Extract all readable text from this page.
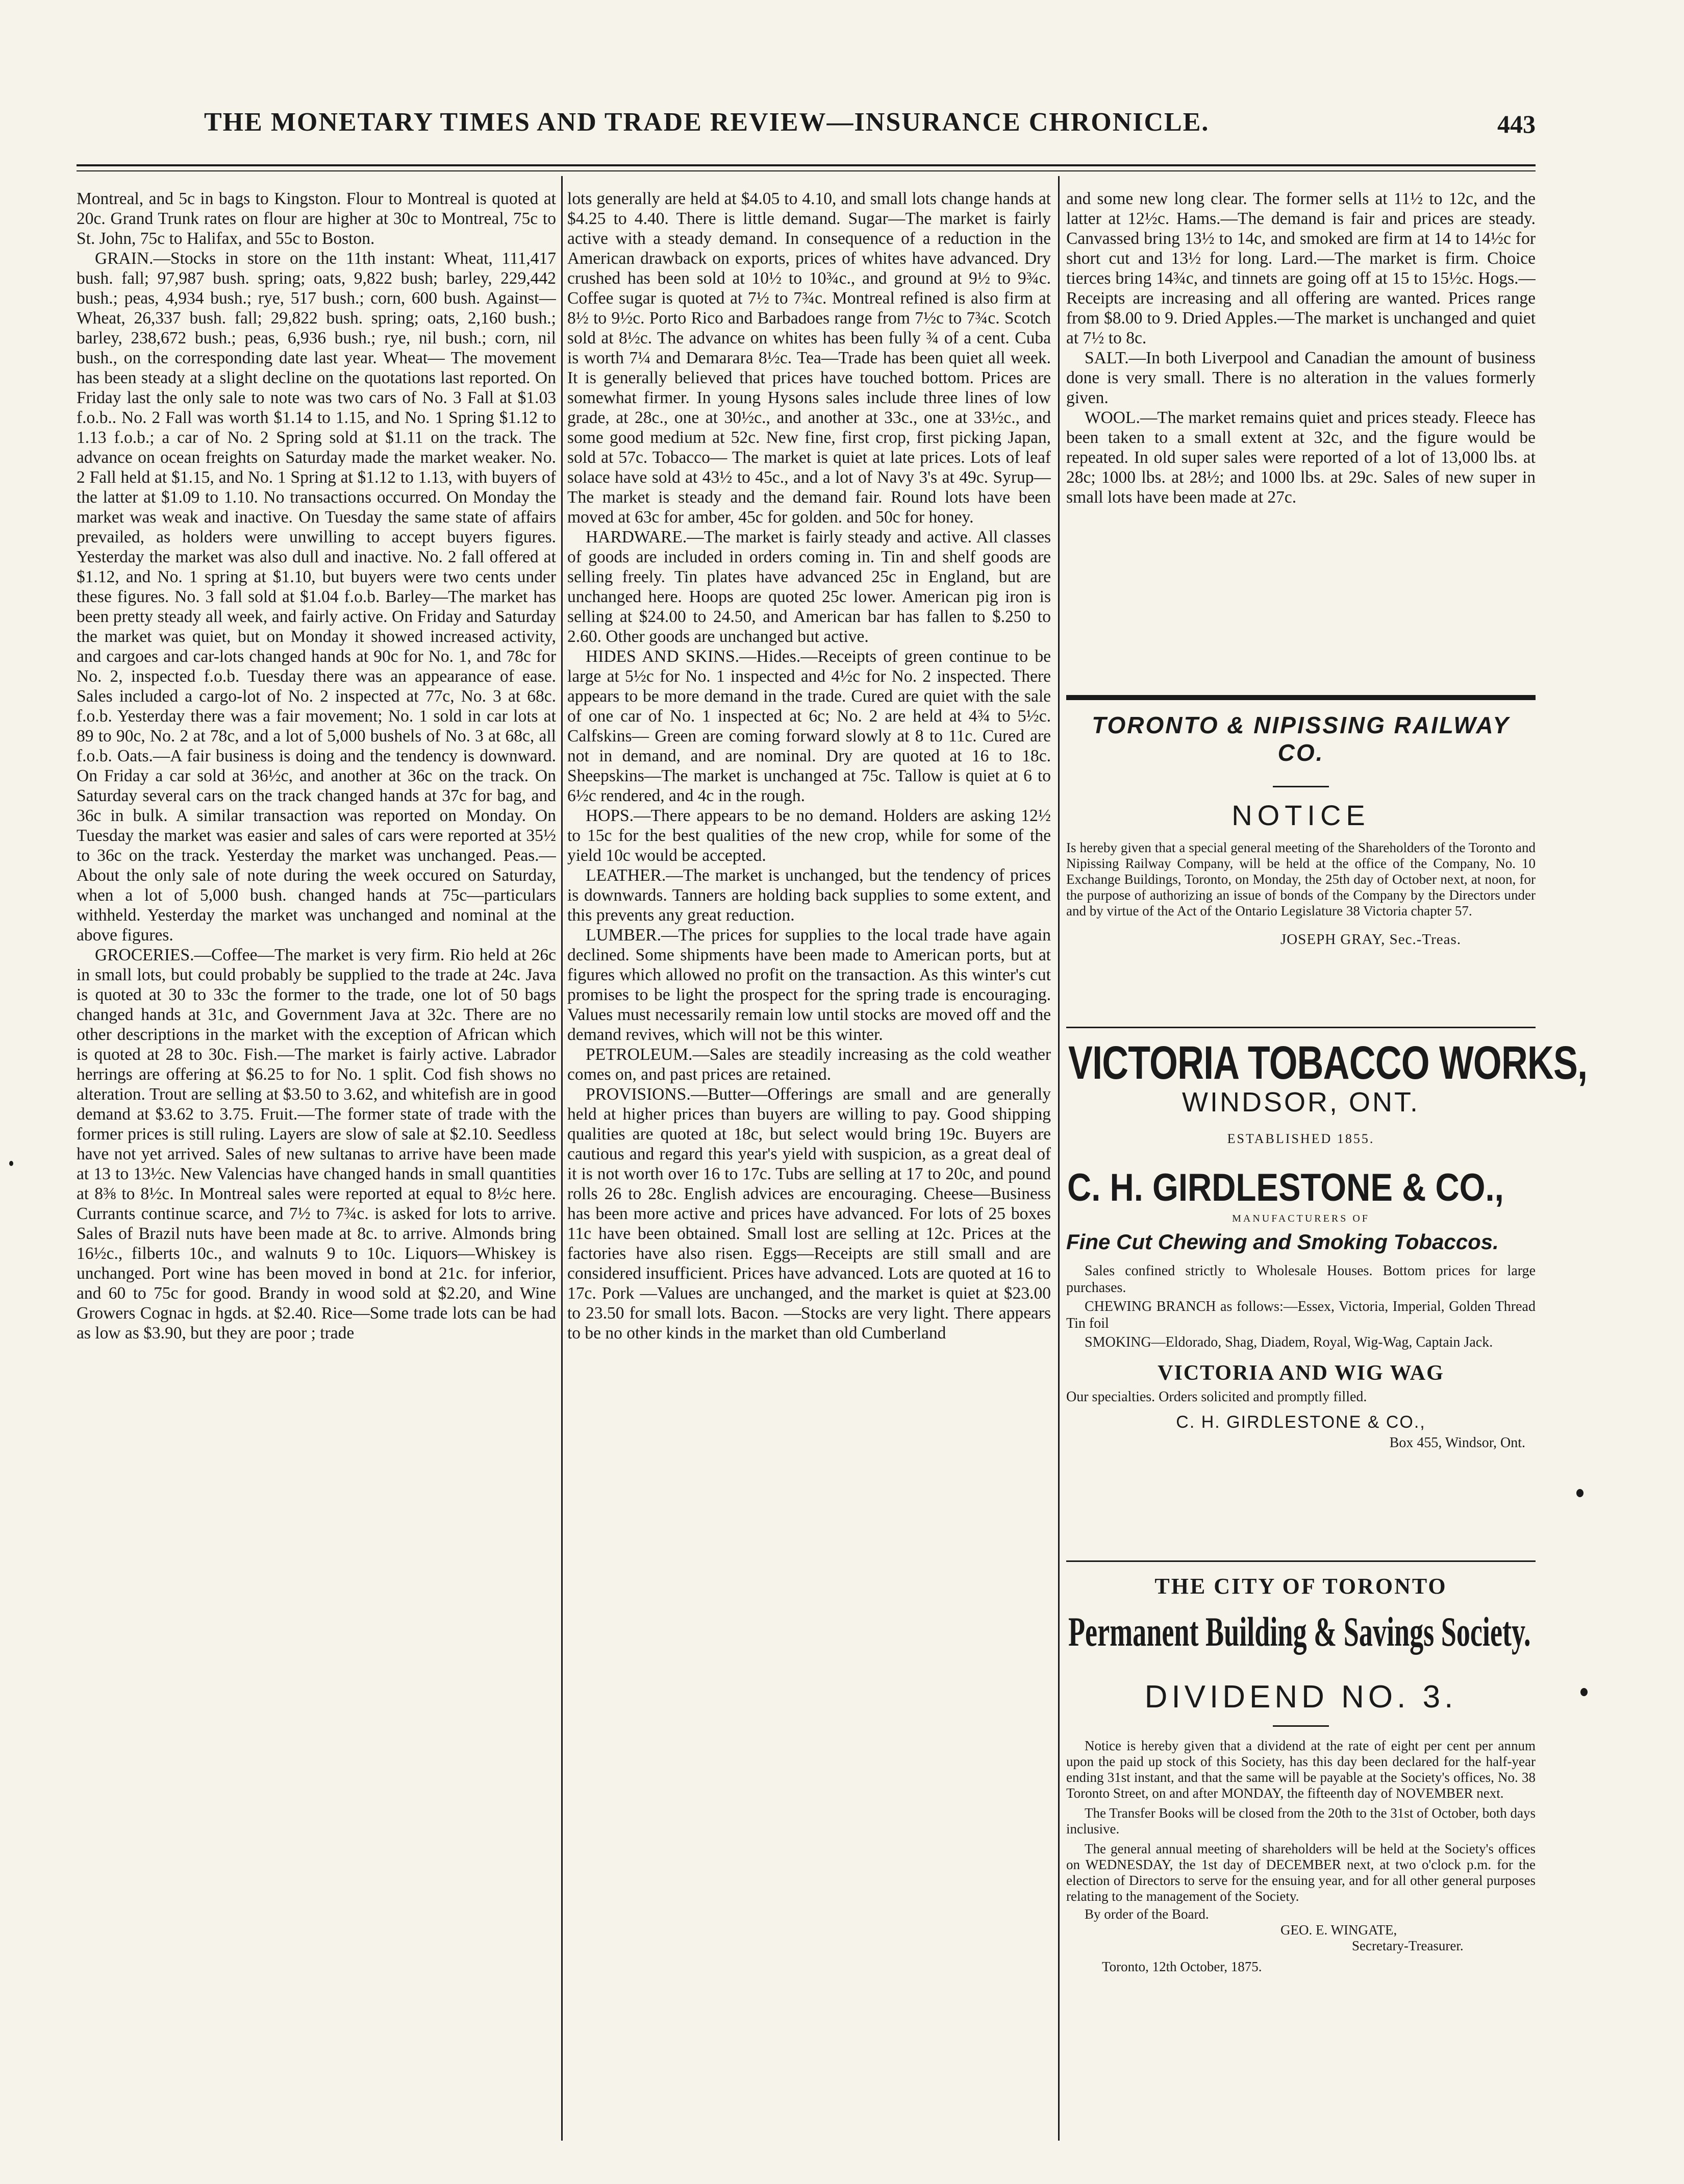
THE MONETARY TIMES AND TRADE REVIEW—INSURANCE CHRONICLE.	443

Montreal, and 5c in bags to Kingston. Flour to Montreal is quoted at 20c. Grand Trunk rates on flour are higher at 30c to Montreal, 75c to St. John, 75c to Halifax, and 55c to Boston.

GRAIN.—Stocks in store on the 11th instant: Wheat, 111,417 bush. fall; 97,987 bush. spring; oats, 9,822 bush; barley, 229,442 bush.; peas, 4,934 bush.; rye, 517 bush.; corn, 600 bush. Against—Wheat, 26,337 bush. fall; 29,822 bush. spring; oats, 2,160 bush.; barley, 238,672 bush.; peas, 6,936 bush.; rye, nil bush.; corn, nil bush., on the corresponding date last year. Wheat— The movement has been steady at a slight decline on the quotations last reported. On Friday last the only sale to note was two cars of No. 3 Fall at $1.03 f.o.b.. No. 2 Fall was worth $1.14 to 1.15, and No. 1 Spring $1.12 to 1.13 f.o.b.; a car of No. 2 Spring sold at $1.11 on the track. The advance on ocean freights on Saturday made the market weaker. No. 2 Fall held at $1.15, and No. 1 Spring at $1.12 to 1.13, with buyers of the latter at $1.09 to 1.10. No transactions occurred. On Monday the market was weak and inactive. On Tuesday the same state of affairs prevailed, as holders were unwilling to accept buyers figures. Yesterday the market was also dull and inactive. No. 2 fall offered at $1.12, and No. 1 spring at $1.10, but buyers were two cents under these figures. No. 3 fall sold at $1.04 f.o.b. Barley—The market has been pretty steady all week, and fairly active. On Friday and Saturday the market was quiet, but on Monday it showed increased activity, and cargoes and car-lots changed hands at 90c for No. 1, and 78c for No. 2, inspected f.o.b. Tuesday there was an appearance of ease. Sales included a cargo-lot of No. 2 inspected at 77c, No. 3 at 68c. f.o.b. Yesterday there was a fair movement; No. 1 sold in car lots at 89 to 90c, No. 2 at 78c, and a lot of 5,000 bushels of No. 3 at 68c, all f.o.b. Oats.—A fair business is doing and the tendency is downward. On Friday a car sold at 36½c, and another at 36c on the track. On Saturday several cars on the track changed hands at 37c for bag, and 36c in bulk. A similar transaction was reported on Monday. On Tuesday the market was easier and sales of cars were reported at 35½ to 36c on the track. Yesterday the market was unchanged. Peas.—About the only sale of note during the week occured on Saturday, when a lot of 5,000 bush. changed hands at 75c—particulars withheld. Yesterday the market was unchanged and nominal at the above figures.

GROCERIES.—Coffee—The market is very firm. Rio held at 26c in small lots, but could probably be supplied to the trade at 24c. Java is quoted at 30 to 33c the former to the trade, one lot of 50 bags changed hands at 31c, and Government Java at 32c. There are no other descriptions in the market with the exception of African which is quoted at 28 to 30c. Fish.—The market is fairly active. Labrador herrings are offering at $6.25 to for No. 1 split. Cod fish shows no alteration. Trout are selling at $3.50 to 3.62, and whitefish are in good demand at $3.62 to 3.75. Fruit.—The former state of trade with the former prices is still ruling. Layers are slow of sale at $2.10. Seedless have not yet arrived. Sales of new sultanas to arrive have been made at 13 to 13½c. New Valencias have changed hands in small quantities at 8⅜ to 8½c. In Montreal sales were reported at equal to 8½c here. Currants continue scarce, and 7½ to 7¾c. is asked for lots to arrive. Sales of Brazil nuts have been made at 8c. to arrive. Almonds bring 16½c., filberts 10c., and walnuts 9 to 10c. Liquors—Whiskey is unchanged. Port wine has been moved in bond at 21c. for inferior, and 60 to 75c for good. Brandy in wood sold at $2.20, and Wine Growers Cognac in hgds. at $2.40. Rice—Some trade lots can be had as low as $3.90, but they are poor ; trade

lots generally are held at $4.05 to 4.10, and small lots change hands at $4.25 to 4.40. There is little demand. Sugar—The market is fairly active with a steady demand. In consequence of a reduction in the American drawback on exports, prices of whites have advanced. Dry crushed has been sold at 10½ to 10¾c., and ground at 9½ to 9¾c. Coffee sugar is quoted at 7½ to 7¾c. Montreal refined is also firm at 8½ to 9½c. Porto Rico and Barbadoes range from 7½c to 7¾c. Scotch sold at 8½c. The advance on whites has been fully ¾ of a cent. Cuba is worth 7¼ and Demarara 8½c. Tea—Trade has been quiet all week. It is generally believed that prices have touched bottom. Prices are somewhat firmer. In young Hysons sales include three lines of low grade, at 28c., one at 30½c., and another at 33c., one at 33½c., and some good medium at 52c. New fine, first crop, first picking Japan, sold at 57c. Tobacco— The market is quiet at late prices. Lots of leaf solace have sold at 43½ to 45c., and a lot of Navy 3's at 49c. Syrup—The market is steady and the demand fair. Round lots have been moved at 63c for amber, 45c for golden. and 50c for honey.

HARDWARE.—The market is fairly steady and active. All classes of goods are included in orders coming in. Tin and shelf goods are selling freely. Tin plates have advanced 25c in England, but are unchanged here. Hoops are quoted 25c lower. American pig iron is selling at $24.00 to 24.50, and American bar has fallen to $.250 to 2.60. Other goods are unchanged but active.

HIDES AND SKINS.—Hides.—Receipts of green continue to be large at 5½c for No. 1 inspected and 4½c for No. 2 inspected. There appears to be more demand in the trade. Cured are quiet with the sale of one car of No. 1 inspected at 6c; No. 2 are held at 4¾ to 5½c. Calfskins— Green are coming forward slowly at 8 to 11c. Cured are not in demand, and are nominal. Dry are quoted at 16 to 18c. Sheepskins—The market is unchanged at 75c. Tallow is quiet at 6 to 6½c rendered, and 4c in the rough.

HOPS.—There appears to be no demand. Holders are asking 12½ to 15c for the best qualities of the new crop, while for some of the yield 10c would be accepted.

LEATHER.—The market is unchanged, but the tendency of prices is downwards. Tanners are holding back supplies to some extent, and this prevents any great reduction.

LUMBER.—The prices for supplies to the local trade have again declined. Some shipments have been made to American ports, but at figures which allowed no profit on the transaction. As this winter's cut promises to be light the prospect for the spring trade is encouraging. Values must necessarily remain low until stocks are moved off and the demand revives, which will not be this winter.

PETROLEUM.—Sales are steadily increasing as the cold weather comes on, and past prices are retained.

PROVISIONS.—Butter—Offerings are small and are generally held at higher prices than buyers are willing to pay. Good shipping qualities are quoted at 18c, but select would bring 19c. Buyers are cautious and regard this year's yield with suspicion, as a great deal of it is not worth over 16 to 17c. Tubs are selling at 17 to 20c, and pound rolls 26 to 28c. English advices are encouraging. Cheese—Business has been more active and prices have advanced. For lots of 25 boxes 11c have been obtained. Small lost are selling at 12c. Prices at the factories have also risen. Eggs—Receipts are still small and are considered insufficient. Prices have advanced. Lots are quoted at 16 to 17c. Pork —Values are unchanged, and the market is quiet at $23.00 to 23.50 for small lots. Bacon. —Stocks are very light. There appears to be no other kinds in the market than old Cumberland

and some new long clear. The former sells at 11½ to 12c, and the latter at 12½c. Hams.—The demand is fair and prices are steady. Canvassed bring 13½ to 14c, and smoked are firm at 14 to 14½c for short cut and 13½ for long. Lard.—The market is firm. Choice tierces bring 14¾c, and tinnets are going off at 15 to 15½c. Hogs.— Receipts are increasing and all offering are wanted. Prices range from $8.00 to 9. Dried Apples.—The market is unchanged and quiet at 7½ to 8c.

SALT.—In both Liverpool and Canadian the amount of business done is very small. There is no alteration in the values formerly given.

WOOL.—The market remains quiet and prices steady. Fleece has been taken to a small extent at 32c, and the figure would be repeated. In old super sales were reported of a lot of 13,000 lbs. at 28c; 1000 lbs. at 28½; and 1000 lbs. at 29c. Sales of new super in small lots have been made at 27c.

TORONTO & NIPISSING RAILWAY CO.
NOTICE
Is hereby given that a special general meeting of the Shareholders of the Toronto and Nipissing Railway Company, will be held at the office of the Company, No. 10 Exchange Buildings, Toronto, on Monday, the 25th day of October next, at noon, for the purpose of authorizing an issue of bonds of the Company by the Directors under and by virtue of the Act of the Ontario Legislature 38 Victoria chapter 57.
JOSEPH GRAY, Sec.-Treas.
VICTORIA TOBACCO WORKS,
WINDSOR, ONT.
ESTABLISHED 1855.
C. H. GIRDLESTONE & CO.,
MANUFACTURERS OF
Fine Cut Chewing and Smoking Tobaccos.
Sales confined strictly to Wholesale Houses. Bottom prices for large purchases.
CHEWING BRANCH as follows:—Essex, Victoria, Imperial, Golden Thread Tin foil
SMOKING—Eldorado, Shag, Diadem, Royal, Wig-Wag, Captain Jack.
VICTORIA AND WIG WAG
Our specialties. Orders solicited and promptly filled.
C. H. GIRDLESTONE & CO.,
Box 455, Windsor, Ont.
THE CITY OF TORONTO
Permanent Building & Savings Society.
DIVIDEND NO. 3.
Notice is hereby given that a dividend at the rate of eight per cent per annum upon the paid up stock of this Society, has this day been declared for the half-year ending 31st instant, and that the same will be payable at the Society's offices, No. 38 Toronto Street, on and after MONDAY, the fifteenth day of NOVEMBER next.
The Transfer Books will be closed from the 20th to the 31st of October, both days inclusive.
The general annual meeting of shareholders will be held at the Society's offices on WEDNESDAY, the 1st day of DECEMBER next, at two o'clock p.m. for the election of Directors to serve for the ensuing year, and for all other general purposes relating to the management of the Society.
By order of the Board.
GEO. E. WINGATE,
Secretary-Treasurer.
Toronto, 12th October, 1875.
